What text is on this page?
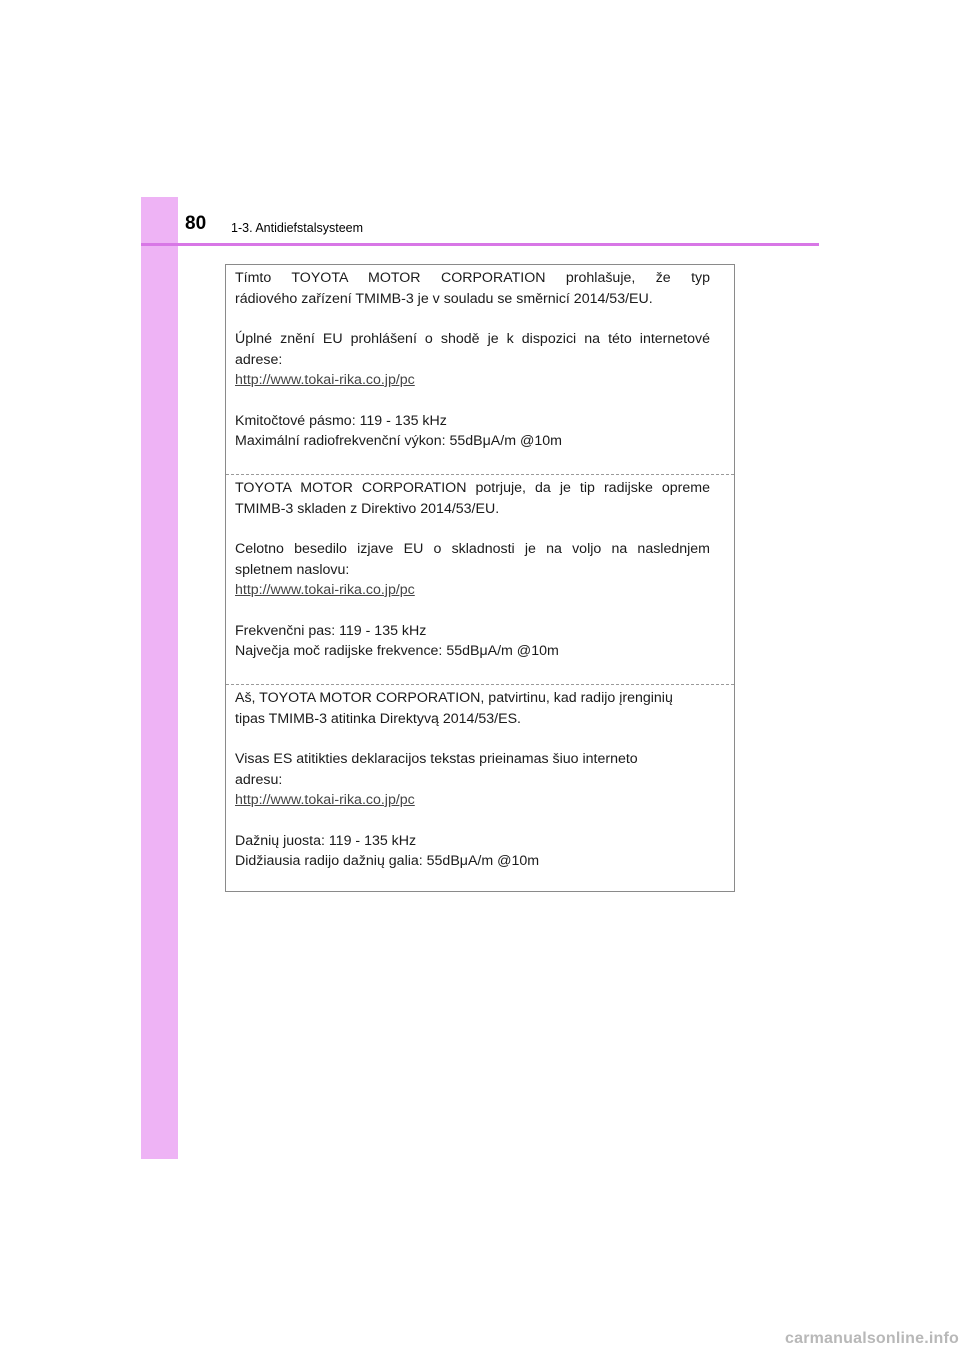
80 1-3. Antidiefstalsysteem
Tímto TOYOTA MOTOR CORPORATION prohlašuje, že typ
rádiového zařízení TMIMB-3 je v souladu se směrnicí 2014/53/EU.
Úplné znění EU prohlášení o shodě je k dispozici na této internetové
adrese:
http://www.tokai-rika.co.jp/pc
Kmitočtové pásmo: 119 - 135 kHz
Maximální radiofrekvenční výkon: 55dBμA/m @10m
TOYOTA MOTOR CORPORATION potrjuje, da je tip radijske opreme
TMIMB-3 skladen z Direktivo 2014/53/EU.
Celotno besedilo izjave EU o skladnosti je na voljo na naslednjem
spletnem naslovu:
http://www.tokai-rika.co.jp/pc
Frekvenčni pas: 119 - 135 kHz
Največja moč radijske frekvence: 55dBμA/m @10m
Aš, TOYOTA MOTOR CORPORATION, patvirtinu, kad radijo įrenginių
tipas TMIMB-3 atitinka Direktyvą 2014/53/ES.
Visas ES atitikties deklaracijos tekstas prieinamas šiuo interneto
adresu:
http://www.tokai-rika.co.jp/pc
Dažnių juosta: 119 - 135 kHz
Didžiausia radijo dažnių galia: 55dBμA/m @10m
carmanualsonline.info
